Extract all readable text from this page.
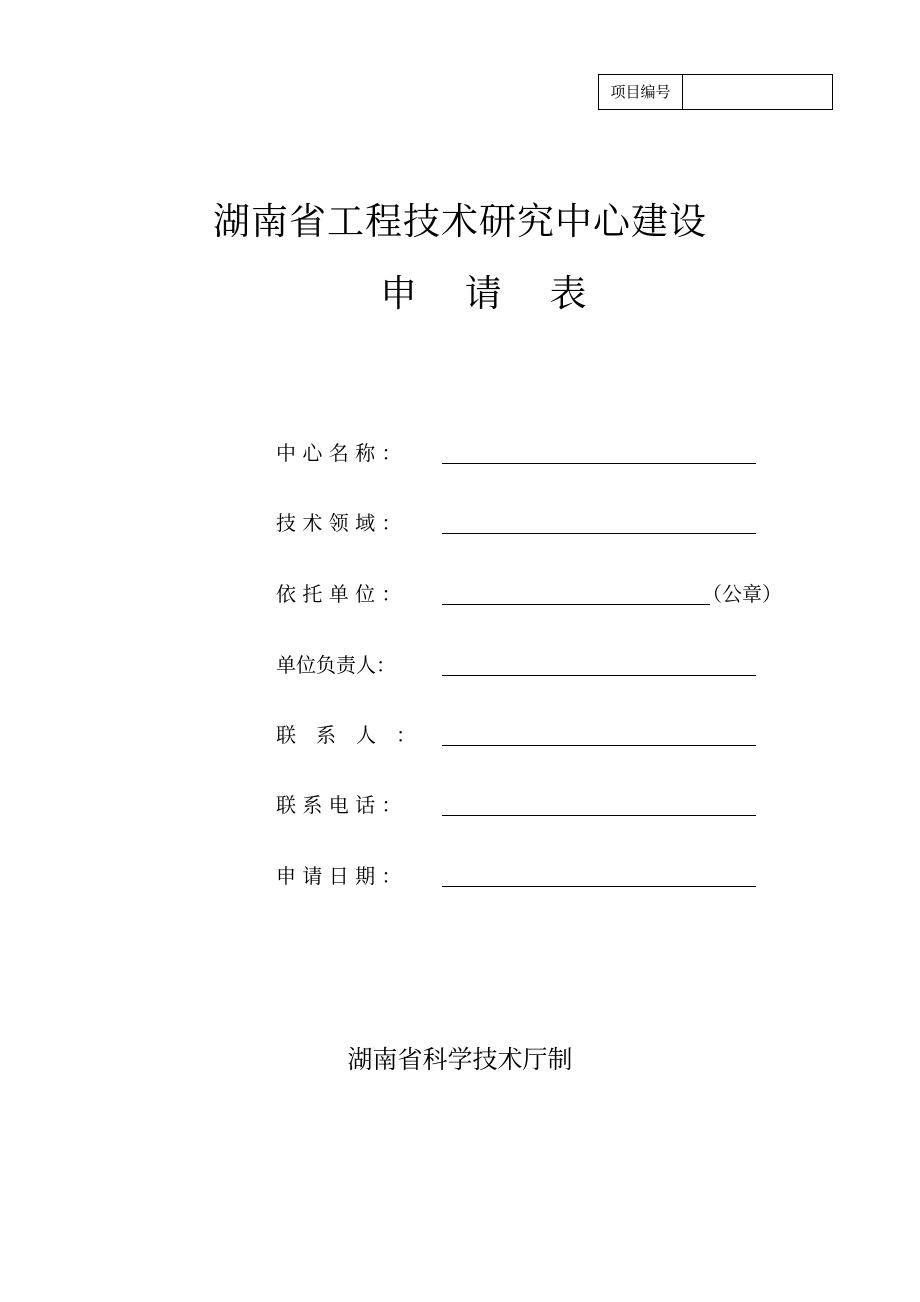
项目编号
湖南省工程技术研究中心建设
申 请 表
中 心 名 称 ：
技 术 领 域 ：
依 托 单 位 ：	（公章）
单位负责人：
联　系　人　：
联 系 电 话 ：
申 请 日 期 ：
湖南省科学技术厅制
